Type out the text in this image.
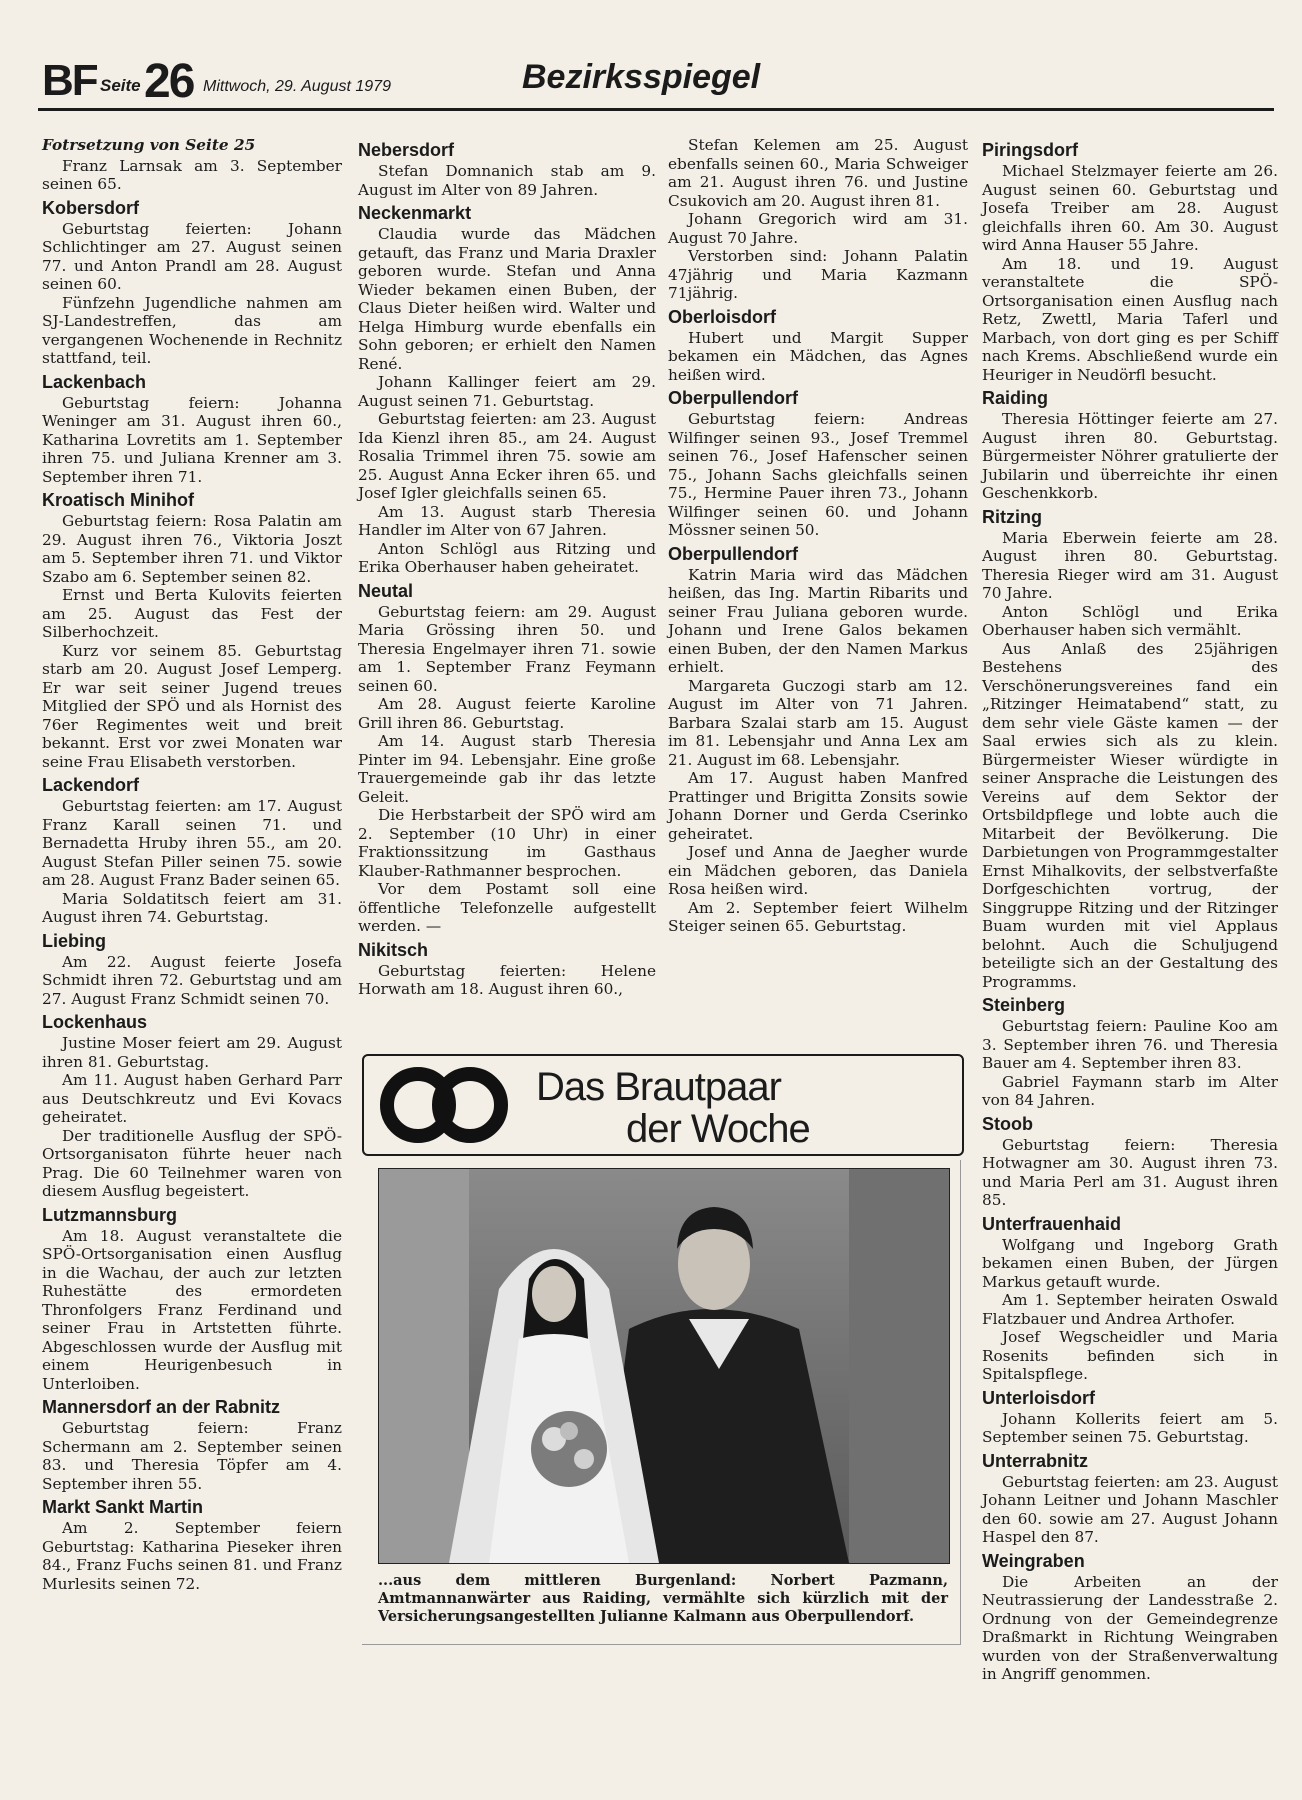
BF Seite 26 Mittwoch, 29. August 1979	Bezirksspiegel
Fotrsetzung von Seite 25
Franz Larnsak am 3. September seinen 65.
Kobersdorf
Geburtstag feierten: Johann Schlichtinger am 27. August seinen 77. und Anton Prandl am 28. August seinen 60.
Fünfzehn Jugendliche nahmen am SJ-Landestreffen, das am vergangenen Wochenende in Rechnitz stattfand, teil.
Lackenbach
Geburtstag feiern: Johanna Weninger am 31. August ihren 60., Katharina Lovretits am 1. September ihren 75. und Juliana Krenner am 3. September ihren 71.
Kroatisch Minihof
Geburtstag feiern: Rosa Palatin am 29. August ihren 76., Viktoria Joszt am 5. September ihren 71. und Viktor Szabo am 6. September seinen 82.
Ernst und Berta Kulovits feierten am 25. August das Fest der Silberhochzeit.
Kurz vor seinem 85. Geburtstag starb am 20. August Josef Lemperg. Er war seit seiner Jugend treues Mitglied der SPÖ und als Hornist des 76er Regimentes weit und breit bekannt. Erst vor zwei Monaten war seine Frau Elisabeth verstorben.
Lackendorf
Geburtstag feierten: am 17. August Franz Karall seinen 71. und Bernadetta Hruby ihren 55., am 20. August Stefan Piller seinen 75. sowie am 28. August Franz Bader seinen 65.
Maria Soldatitsch feiert am 31. August ihren 74. Geburtstag.
Liebing
Am 22. August feierte Josefa Schmidt ihren 72. Geburtstag und am 27. August Franz Schmidt seinen 70.
Lockenhaus
Justine Moser feiert am 29. August ihren 81. Geburtstag.
Am 11. August haben Gerhard Parr aus Deutschkreutz und Evi Kovacs geheiratet.
Der traditionelle Ausflug der SPÖ-Ortsorganisaton führte heuer nach Prag. Die 60 Teilnehmer waren von diesem Ausflug begeistert.
Lutzmannsburg
Am 18. August veranstaltete die SPÖ-Ortsorganisation einen Ausflug in die Wachau, der auch zur letzten Ruhestätte des ermordeten Thronfolgers Franz Ferdinand und seiner Frau in Artstetten führte. Abgeschlossen wurde der Ausflug mit einem Heurigenbesuch in Unterloiben.
Mannersdorf an der Rabnitz
Geburtstag feiern: Franz Schermann am 2. September seinen 83. und Theresia Töpfer am 4. September ihren 55.
Markt Sankt Martin
Am 2. September feiern Geburtstag: Katharina Pieseker ihren 84., Franz Fuchs seinen 81. und Franz Murlesits seinen 72.
Nebersdorf
Stefan Domnanich stab am 9. August im Alter von 89 Jahren.
Neckenmarkt
Claudia wurde das Mädchen getauft, das Franz und Maria Draxler geboren wurde. Stefan und Anna Wieder bekamen einen Buben, der Claus Dieter heißen wird. Walter und Helga Himburg wurde ebenfalls ein Sohn geboren; er erhielt den Namen René.
Johann Kallinger feiert am 29. August seinen 71. Geburtstag.
Geburtstag feierten: am 23. August Ida Kienzl ihren 85., am 24. August Rosalia Trimmel ihren 75. sowie am 25. August Anna Ecker ihren 65. und Josef Igler gleichfalls seinen 65.
Am 13. August starb Theresia Handler im Alter von 67 Jahren.
Anton Schlögl aus Ritzing und Erika Oberhauser haben geheiratet.
Neutal
Geburtstag feiern: am 29. August Maria Grössing ihren 50. und Theresia Engelmayer ihren 71. sowie am 1. September Franz Feymann seinen 60.
Am 28. August feierte Karoline Grill ihren 86. Geburtstag.
Am 14. August starb Theresia Pinter im 94. Lebensjahr. Eine große Trauergemeinde gab ihr das letzte Geleit.
Die Herbstarbeit der SPÖ wird am 2. September (10 Uhr) in einer Fraktionssitzung im Gasthaus Klauber-Rathmanner besprochen.
Vor dem Postamt soll eine öffentliche Telefonzelle aufgestellt werden. —
Nikitsch
Geburtstag feierten: Helene Horwath am 18. August ihren 60.,
Stefan Kelemen am 25. August ebenfalls seinen 60., Maria Schweiger am 21. August ihren 76. und Justine Csukovich am 20. August ihren 81.
Johann Gregorich wird am 31. August 70 Jahre.
Verstorben sind: Johann Palatin 47jährig und Maria Kazmann 71jährig.
Oberloisdorf
Hubert und Margit Supper bekamen ein Mädchen, das Agnes heißen wird.
Oberpullendorf
Geburtstag feiern: Andreas Wilfinger seinen 93., Josef Tremmel seinen 76., Josef Hafenscher seinen 75., Johann Sachs gleichfalls seinen 75., Hermine Pauer ihren 73., Johann Wilfinger seinen 60. und Johann Mössner seinen 50.
Oberpullendorf
Katrin Maria wird das Mädchen heißen, das Ing. Martin Ribarits und seiner Frau Juliana geboren wurde. Johann und Irene Galos bekamen einen Buben, der den Namen Markus erhielt.
Margareta Guczogi starb am 12. August im Alter von 71 Jahren. Barbara Szalai starb am 15. August im 81. Lebensjahr und Anna Lex am 21. August im 68. Lebensjahr.
Am 17. August haben Manfred Prattinger und Brigitta Zonsits sowie Johann Dorner und Gerda Cserinko geheiratet.
Josef und Anna de Jaegher wurde ein Mädchen geboren, das Daniela Rosa heißen wird.
Am 2. September feiert Wilhelm Steiger seinen 65. Geburtstag.
Piringsdorf
Michael Stelzmayer feierte am 26. August seinen 60. Geburtstag und Josefa Treiber am 28. August gleichfalls ihren 60. Am 30. August wird Anna Hauser 55 Jahre.
Am 18. und 19. August veranstaltete die SPÖ-Ortsorganisation einen Ausflug nach Retz, Zwettl, Maria Taferl und Marbach, von dort ging es per Schiff nach Krems. Abschließend wurde ein Heuriger in Neudörfl besucht.
Raiding
Theresia Höttinger feierte am 27. August ihren 80. Geburtstag. Bürgermeister Nöhrer gratulierte der Jubilarin und überreichte ihr einen Geschenkkorb.
Ritzing
Maria Eberwein feierte am 28. August ihren 80. Geburtstag. Theresia Rieger wird am 31. August 70 Jahre.
Anton Schlögl und Erika Oberhauser haben sich vermählt.
Aus Anlaß des 25jährigen Bestehens des Verschönerungsvereines fand ein „Ritzinger Heimatabend“ statt, zu dem sehr viele Gäste kamen — der Saal erwies sich als zu klein. Bürgermeister Wieser würdigte in seiner Ansprache die Leistungen des Vereins auf dem Sektor der Ortsbildpflege und lobte auch die Mitarbeit der Bevölkerung. Die Darbietungen von Programmgestalter Ernst Mihalkovits, der selbstverfaßte Dorfgeschichten vortrug, der Singgruppe Ritzing und der Ritzinger Buam wurden mit viel Applaus belohnt. Auch die Schuljugend beteiligte sich an der Gestaltung des Programms.
Steinberg
Geburtstag feiern: Pauline Koo am 3. September ihren 76. und Theresia Bauer am 4. September ihren 83.
Gabriel Faymann starb im Alter von 84 Jahren.
Stoob
Geburtstag feiern: Theresia Hotwagner am 30. August ihren 73. und Maria Perl am 31. August ihren 85.
Unterfrauenhaid
Wolfgang und Ingeborg Grath bekamen einen Buben, der Jürgen Markus getauft wurde.
Am 1. September heiraten Oswald Flatzbauer und Andrea Arthofer.
Josef Wegscheidler und Maria Rosenits befinden sich in Spitalspflege.
Unterloisdorf
Johann Kollerits feiert am 5. September seinen 75. Geburtstag.
Unterrabnitz
Geburtstag feierten: am 23. August Johann Leitner und Johann Maschler den 60. sowie am 27. August Johann Haspel den 87.
Weingraben
Die Arbeiten an der Neutrassierung der Landesstraße 2. Ordnung von der Gemeindegrenze Draßmarkt in Richtung Weingraben wurden von der Straßenverwaltung in Angriff genommen.
Das Brautpaar
der Woche
...aus dem mittleren Burgenland: Norbert Pazmann, Amtmannanwärter aus Raiding, vermählte sich kürzlich mit der Versicherungsangestellten Julianne Kalmann aus Oberpullendorf.
